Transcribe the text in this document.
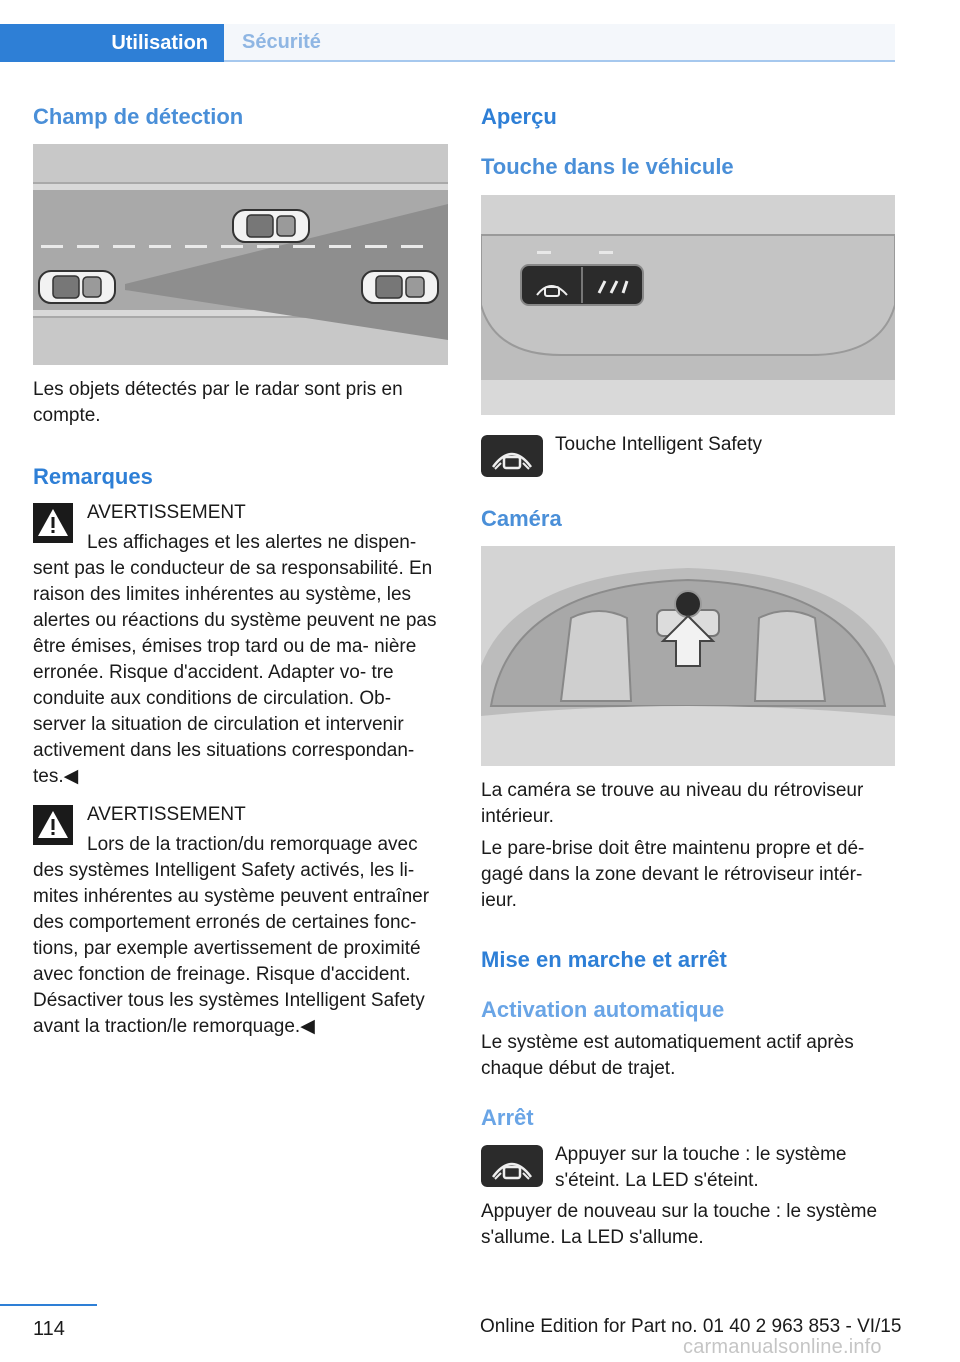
Utilisation	Sécurité
Champ de détection
Les objets détectés par le radar sont pris en compte.
Remarques
AVERTISSEMENT
Les affichages et les alertes ne dispen-
sent pas le conducteur de sa responsabilité. En raison des limites inhérentes au système, les alertes ou réactions du système peuvent ne pas être émises, émises trop tard ou de ma- nière erronée. Risque d'accident. Adapter vo- tre conduite aux conditions de circulation. Ob- server la situation de circulation et intervenir activement dans les situations correspondan- tes.◀
AVERTISSEMENT
Lors de la traction/du remorquage avec
des systèmes Intelligent Safety activés, les li- mites inhérentes au système peuvent entraîner des comportement erronés de certaines fonc- tions, par exemple avertissement de proximité avec fonction de freinage. Risque d'accident. Désactiver tous les systèmes Intelligent Safety avant la traction/le remorquage.◀
Aperçu
Touche dans le véhicule
Touche Intelligent Safety
Caméra
La caméra se trouve au niveau du rétroviseur intérieur.
Le pare-brise doit être maintenu propre et dé- gagé dans la zone devant le rétroviseur intér- ieur.
Mise en marche et arrêt
Activation automatique
Le système est automatiquement actif après chaque début de trajet.
Arrêt
Appuyer sur la touche : le système s'éteint. La LED s'éteint.
Appuyer de nouveau sur la touche : le système s'allume. La LED s'allume.
114	Online Edition for Part no. 01 40 2 963 853 - VI/15
carmanualsonline.info
